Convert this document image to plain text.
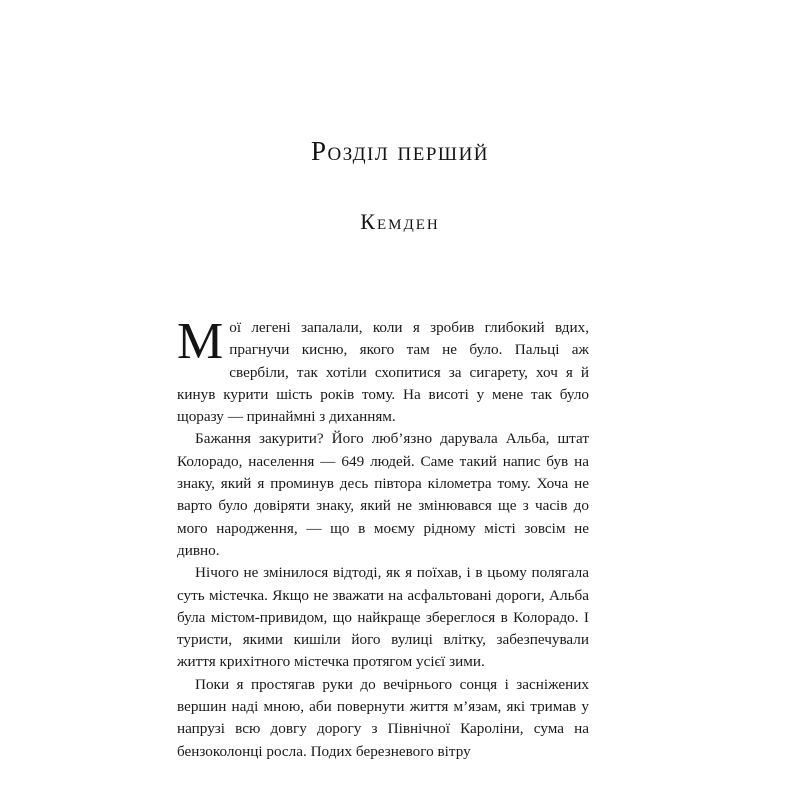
Розділ перший
Кемден

Мої легені запалали, коли я зробив глибокий вдих, прагнучи кисню, якого там не було. Пальці аж свербіли, так хотіли схопитися за сигарету, хоч я й кинув курити шість років тому. На висоті у мене так було щоразу — принаймні з диханням.

Бажання закурити? Його люб’язно дарувала Альба, штат Колорадо, населення — 649 людей. Саме такий напис був на знаку, який я проминув десь півтора кілометра тому. Хоча не варто було довіряти знаку, який не змінювався ще з часів до мого народження, — що в моєму рідному місті зовсім не дивно.

Нічого не змінилося відтоді, як я поїхав, і в цьому полягала суть містечка. Якщо не зважати на асфальтовані дороги, Альба була містом-привидом, що найкраще збереглося в Колорадо. І туристи, якими кишіли його вулиці влітку, забезпечували життя крихітного містечка протягом усієї зими.

Поки я простягав руки до вечірнього сонця і засніжених вершин наді мною, аби повернути життя м’язам, які тримав у напрузі всю довгу дорогу з Північної Кароліни, сума на бензоколонці росла. Подих березневого вітру
